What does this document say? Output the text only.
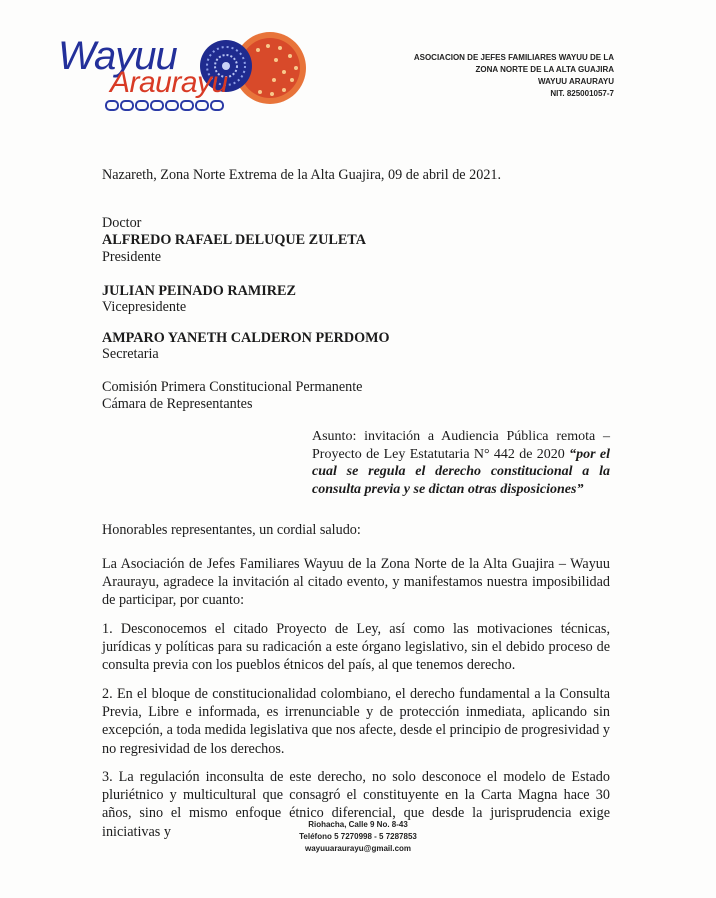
Wayuu
Araurayu
ASOCIACION DE JEFES FAMILIARES WAYUU DE LA
ZONA NORTE DE LA ALTA GUAJIRA
WAYUU ARAURAYU
NIT. 825001057-7
Nazareth, Zona Norte Extrema de la Alta Guajira, 09 de abril de 2021.
Doctor
ALFREDO RAFAEL DELUQUE ZULETA
Presidente
JULIAN PEINADO RAMIREZ
Vicepresidente
AMPARO YANETH CALDERON PERDOMO
Secretaria
Comisión Primera Constitucional Permanente
Cámara de Representantes
Asunto: invitación a Audiencia Pública remota – Proyecto de Ley Estatutaria N° 442 de 2020 “por el cual se regula el derecho constitucional a la consulta previa y se dictan otras disposiciones”
Honorables representantes, un cordial saludo:
La Asociación de Jefes Familiares Wayuu de la Zona Norte de la Alta Guajira – Wayuu Araurayu, agradece la invitación al citado evento, y manifestamos nuestra imposibilidad de participar, por cuanto:
1. Desconocemos el citado Proyecto de Ley, así como las motivaciones técnicas, jurídicas y políticas para su radicación a este órgano legislativo, sin el debido proceso de consulta previa con los pueblos étnicos del país, al que tenemos derecho.
2. En el bloque de constitucionalidad colombiano, el derecho fundamental a la Consulta Previa, Libre e informada, es irrenunciable y de protección inmediata, aplicando sin excepción, a toda medida legislativa que nos afecte, desde el principio de progresividad y no regresividad de los derechos.
3. La regulación inconsulta de este derecho, no solo desconoce el modelo de Estado pluriétnico y multicultural que consagró el constituyente en la Carta Magna hace 30 años, sino el mismo enfoque étnico diferencial, que desde la jurisprudencia exige iniciativas y	Riohacha, Calle 9 No. 8-43
Teléfono 5 7270998 - 5 7287853
wayuuaraurayu@gmail.com
